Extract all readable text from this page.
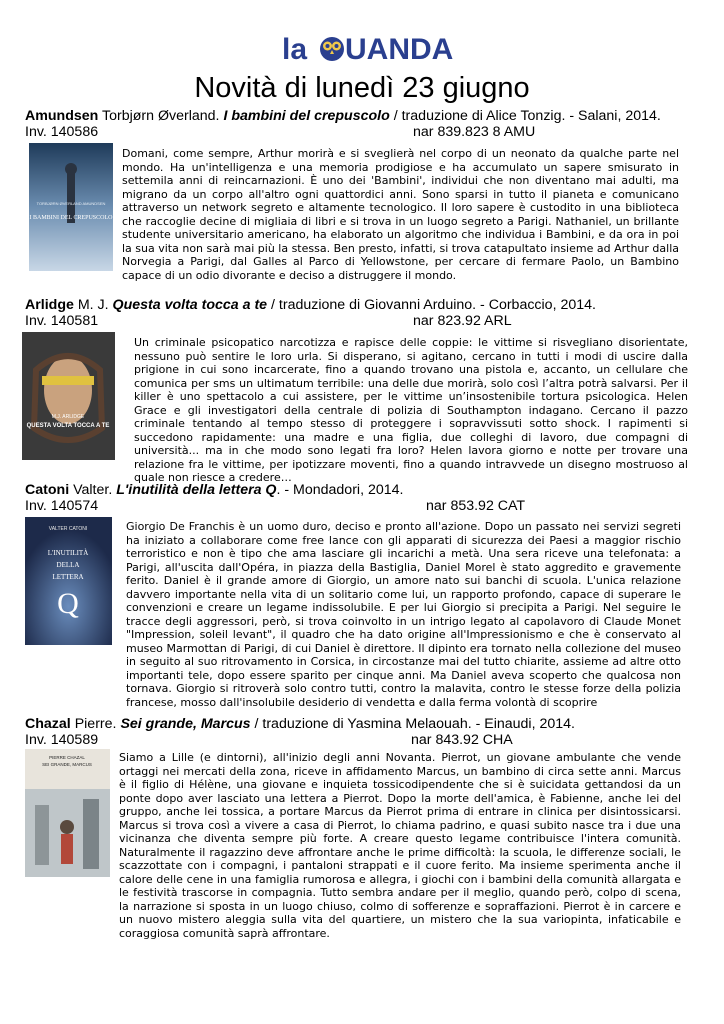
la UANDA
Novità di lunedì 23 giugno
Amundsen Torbjørn Øverland. I bambini del crepuscolo / traduzione di Alice Tonzig. - Salani, 2014.
Inv. 140586	nar 839.823 8 AMU
TORBJØRN ØVERLAND AMUNDSEN
I BAMBINI DEL CREPUSCOLO
Domani, come sempre, Arthur morirà e si sveglierà nel corpo di un neonato da qualche parte nel mondo. Ha un'intelligenza e una memoria prodigiose e ha accumulato un sapere smisurato in settemila anni di reincarnazioni. È uno dei 'Bambini', individui che non diventano mai adulti, ma migrano da un corpo all'altro ogni quattordici anni. Sono sparsi in tutto il pianeta e comunicano attraverso un network segreto e altamente tecnologico. Il loro sapere è custodito in una biblioteca che raccoglie decine di migliaia di libri e si trova in un luogo segreto a Parigi. Nathaniel, un brillante studente universitario americano, ha elaborato un algoritmo che individua i Bambini, e da ora in poi la sua vita non sarà mai più la stessa. Ben presto, infatti, si trova catapultato insieme ad Arthur dalla Norvegia a Parigi, dal Galles al Parco di Yellowstone, per cercare di fermare Paolo, un Bambino capace di un odio divorante e deciso a distruggere il mondo.
Arlidge M. J. Questa volta tocca a te / traduzione di Giovanni Arduino. - Corbaccio, 2014.
Inv. 140581	nar 823.92 ARL
M.J. ARLIDGE
QUESTA VOLTA TOCCA A TE
Un criminale psicopatico narcotizza e rapisce delle coppie: le vittime si risvegliano disorientate, nessuno può sentire le loro urla. Si disperano, si agitano, cercano in tutti i modi di uscire dalla prigione in cui sono incarcerate, fino a quando trovano una pistola e, accanto, un cellulare che comunica per sms un ultimatum terribile: una delle due morirà, solo così l’altra potrà salvarsi. Per il killer è uno spettacolo a cui assistere, per le vittime un’insostenibile tortura psicologica. Helen Grace e gli investigatori della centrale di polizia di Southampton indagano. Cercano il pazzo criminale tentando al tempo stesso di proteggere i sopravvissuti sotto shock. I rapimenti si succedono rapidamente: una madre e una figlia, due colleghi di lavoro, due compagni di università... ma in che modo sono legati fra loro? Helen lavora giorno e notte per trovare una relazione fra le vittime, per ipotizzare moventi, fino a quando intravvede un disegno mostruoso al quale non riesce a credere…
Catoni Valter. L'inutilità della lettera Q. - Mondadori, 2014.
Inv. 140574	nar 853.92 CAT
VALTER CATONI
L'INUTILITÀ
DELLA
LETTERA
Q
Giorgio De Franchis è un uomo duro, deciso e pronto all'azione. Dopo un passato nei servizi segreti ha iniziato a collaborare come free lance con gli apparati di sicurezza dei Paesi a maggior rischio terroristico e non è tipo che ama lasciare gli incarichi a metà. Una sera riceve una telefonata: a Parigi, all'uscita dall'Opéra, in piazza della Bastiglia, Daniel Morel è stato aggredito e gravemente ferito. Daniel è il grande amore di Giorgio, un amore nato sui banchi di scuola. L'unica relazione davvero importante nella vita di un solitario come lui, un rapporto profondo, capace di superare le convenzioni e creare un legame indissolubile. E per lui Giorgio si precipita a Parigi. Nel seguire le tracce degli aggressori, però, si trova coinvolto in un intrigo legato al capolavoro di Claude Monet "Impression, soleil levant", il quadro che ha dato origine all'Impressionismo e che è conservato al museo Marmottan di Parigi, di cui Daniel è direttore. Il dipinto era tornato nella collezione del museo in seguito al suo ritrovamento in Corsica, in circostanze mai del tutto chiarite, assieme ad altre otto importanti tele, dopo essere sparito per cinque anni. Ma Daniel aveva scoperto che qualcosa non tornava. Giorgio si ritroverà solo contro tutti, contro la malavita, contro le stesse forze della polizia francese, mosso dall'insolubile desiderio di vendetta e dalla ferma volontà di scoprire
Chazal Pierre. Sei grande, Marcus / traduzione di Yasmina Melaouah. - Einaudi, 2014.
Inv. 140589	nar 843.92 CHA
PIERRE CHAZAL
SEI GRANDE, MARCUS
Siamo a Lille (e dintorni), all'inizio degli anni Novanta. Pierrot, un giovane ambulante che vende ortaggi nei mercati della zona, riceve in affidamento Marcus, un bambino di circa sette anni. Marcus è il figlio di Hélène, una giovane e inquieta tossicodipendente che si è suicidata gettandosi da un ponte dopo aver lasciato una lettera a Pierrot. Dopo la morte dell'amica, è Fabienne, anche lei del gruppo, anche lei tossica, a portare Marcus da Pierrot prima di entrare in clinica per disintossicarsi. Marcus si trova così a vivere a casa di Pierrot, lo chiama padrino, e quasi subito nasce tra i due una vicinanza che diventa sempre più forte. A creare questo legame contribuisce l'intera comunità. Naturalmente il ragazzino deve affrontare anche le prime difficoltà: la scuola, le differenze sociali, le scazzottate con i compagni, i pantaloni strappati e il cuore ferito. Ma insieme sperimenta anche il calore delle cene in una famiglia rumorosa e allegra, i giochi con i bambini della comunità allargata e le festività trascorse in compagnia. Tutto sembra andare per il meglio, quando però, colpo di scena, la narrazione si sposta in un luogo chiuso, colmo di sofferenze e sopraffazioni. Pierrot è in carcere e un nuovo mistero aleggia sulla vita del quartiere, un mistero che la sua variopinta, infaticabile e coraggiosa comunità saprà affrontare.
